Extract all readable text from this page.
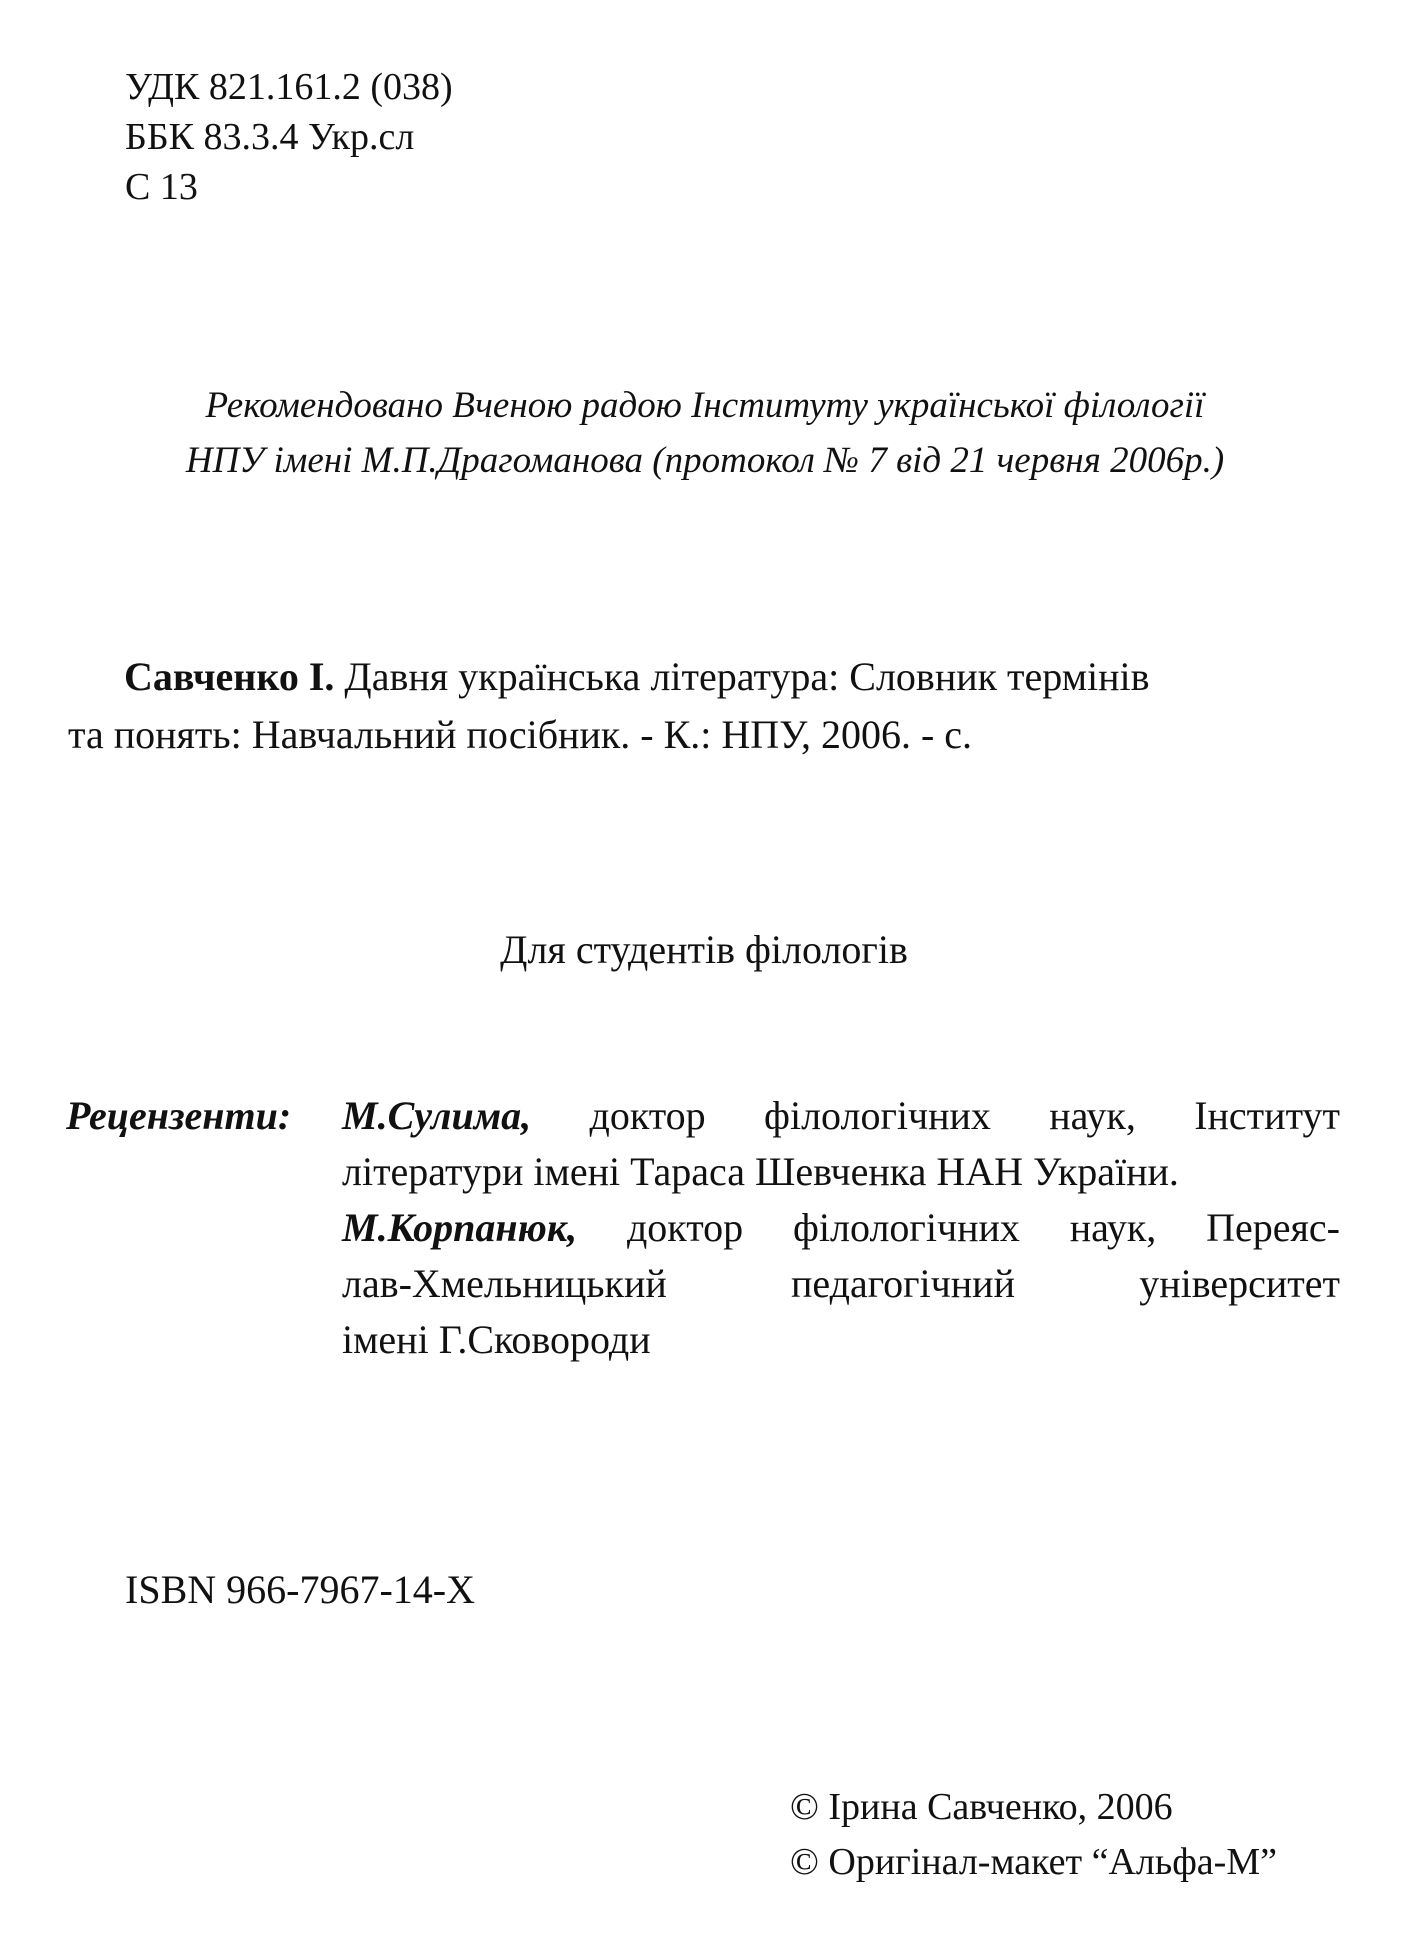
УДК 821.161.2 (038)
ББК 83.3.4 Укр.сл
С 13
Рекомендовано Вченою радою Інституту української філології
НПУ імені М.П.Драгоманова (протокол № 7 від 21 червня 2006р.)
Савченко І. Давня українська література: Словник термінів
та понять: Навчальний посібник. - К.: НПУ, 2006. - с.
Для студентів філологів
Рецензенти: М.Сулима, доктор філологічних наук, Інститут
літератури імені Тараса Шевченка НАН України.
М.Корпанюк, доктор філологічних наук, Переяс-
лав-Хмельницький педагогічний університет
імені Г.Сковороди
ISBN 966-7967-14-X
© Ірина Савченко, 2006
© Оригінал-макет “Альфа-М”
